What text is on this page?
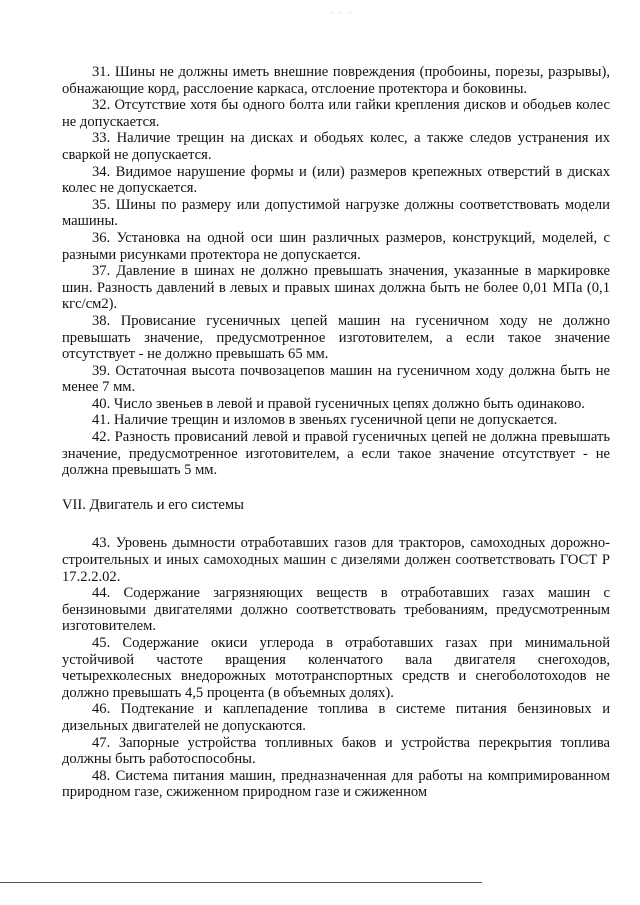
· · ·

31. Шины не должны иметь внешние повреждения (пробоины, порезы, разрывы), обнажающие корд, расслоение каркаса, отслоение протектора и боковины.

32. Отсутствие хотя бы одного болта или гайки крепления дисков и ободьев колес не допускается.

33. Наличие трещин на дисках и ободьях колес, а также следов устранения их сваркой не допускается.

34. Видимое нарушение формы и (или) размеров крепежных отверстий в дисках колес не допускается.

35. Шины по размеру или допустимой нагрузке должны соответствовать модели машины.

36. Установка на одной оси шин различных размеров, конструкций, моделей, с разными рисунками протектора не допускается.

37. Давление в шинах не должно превышать значения, указанные в маркировке шин. Разность давлений в левых и правых шинах должна быть не более 0,01 МПа (0,1 кгс/см2).

38. Провисание гусеничных цепей машин на гусеничном ходу не должно превышать значение, предусмотренное изготовителем, а если такое значение отсутствует - не должно превышать 65 мм.

39. Остаточная высота почвозацепов машин на гусеничном ходу должна быть не менее 7 мм.

40. Число звеньев в левой и правой гусеничных цепях должно быть одинаково.

41. Наличие трещин и изломов в звеньях гусеничной цепи не допускается.

42. Разность провисаний левой и правой гусеничных цепей не должна превышать значение, предусмотренное изготовителем, а если такое значение отсутствует - не должна превышать 5 мм.

VII. Двигатель и его системы

43. Уровень дымности отработавших газов для тракторов, самоходных дорожно-строительных и иных самоходных машин с дизелями должен соответствовать ГОСТ Р 17.2.2.02.

44. Содержание загрязняющих веществ в отработавших газах машин с бензиновыми двигателями должно соответствовать требованиям, предусмотренным изготовителем.

45. Содержание окиси углерода в отработавших газах при минимальной устойчивой частоте вращения коленчатого вала двигателя снегоходов, четырехколесных внедорожных мототранспортных средств и снегоболотоходов не должно превышать 4,5 процента (в объемных долях).

46. Подтекание и каплепадение топлива в системе питания бензиновых и дизельных двигателей не допускаются.

47. Запорные устройства топливных баков и устройства перекрытия топлива должны быть работоспособны.

48. Система питания машин, предназначенная для работы на компримированном природном газе, сжиженном природном газе и сжиженном
